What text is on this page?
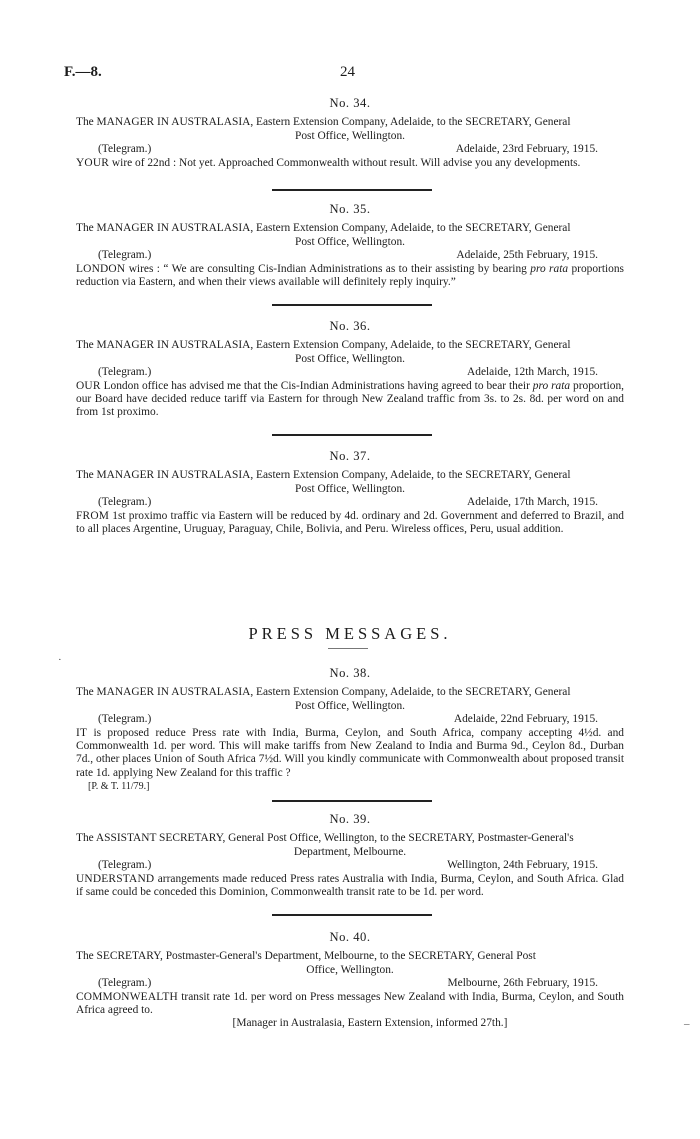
F.—8.	24
No. 34.
The MANAGER IN AUSTRALASIA, Eastern Extension Company, Adelaide, to the SECRETARY, General
Post Office, Wellington.
(Telegram.)	Adelaide, 23rd February, 1915.
YOUR wire of 22nd : Not yet. Approached Commonwealth without result. Will advise you any developments.
No. 35.
The MANAGER IN AUSTRALASIA, Eastern Extension Company, Adelaide, to the SECRETARY, General
Post Office, Wellington.
(Telegram.)	Adelaide, 25th February, 1915.
LONDON wires : “ We are consulting Cis-Indian Administrations as to their assisting by bearing pro rata proportions reduction via Eastern, and when their views available will definitely reply inquiry.”
No. 36.
The MANAGER IN AUSTRALASIA, Eastern Extension Company, Adelaide, to the SECRETARY, General
Post Office, Wellington.
(Telegram.)	Adelaide, 12th March, 1915.
OUR London office has advised me that the Cis-Indian Administrations having agreed to bear their pro rata proportion, our Board have decided reduce tariff via Eastern for through New Zealand traffic from 3s. to 2s. 8d. per word on and from 1st proximo.
No. 37.
The MANAGER IN AUSTRALASIA, Eastern Extension Company, Adelaide, to the SECRETARY, General
Post Office, Wellington.
(Telegram.)	Adelaide, 17th March, 1915.
FROM 1st proximo traffic via Eastern will be reduced by 4d. ordinary and 2d. Government and deferred to Brazil, and to all places Argentine, Uruguay, Paraguay, Chile, Bolivia, and Peru. Wireless offices, Peru, usual addition.
PRESS MESSAGES.
·
No. 38.
The MANAGER IN AUSTRALASIA, Eastern Extension Company, Adelaide, to the SECRETARY, General
Post Office, Wellington.
(Telegram.)	Adelaide, 22nd February, 1915.
IT is proposed reduce Press rate with India, Burma, Ceylon, and South Africa, company accepting 4½d. and Commonwealth 1d. per word. This will make tariffs from New Zealand to India and Burma 9d., Ceylon 8d., Durban 7d., other places Union of South Africa 7½d. Will you kindly communicate with Commonwealth about proposed transit rate 1d. applying New Zealand for this traffic ?
[P. & T. 11/79.]
No. 39.
The ASSISTANT SECRETARY, General Post Office, Wellington, to the SECRETARY, Postmaster-General's
Department, Melbourne.
(Telegram.)	Wellington, 24th February, 1915.
UNDERSTAND arrangements made reduced Press rates Australia with India, Burma, Ceylon, and South Africa. Glad if same could be conceded this Dominion, Commonwealth transit rate to be 1d. per word.
No. 40.
The SECRETARY, Postmaster-General's Department, Melbourne, to the SECRETARY, General Post
Office, Wellington.
(Telegram.)	Melbourne, 26th February, 1915.
COMMONWEALTH transit rate 1d. per word on Press messages New Zealand with India, Burma, Ceylon, and South Africa agreed to.
[Manager in Australasia, Eastern Extension, informed 27th.]	–
